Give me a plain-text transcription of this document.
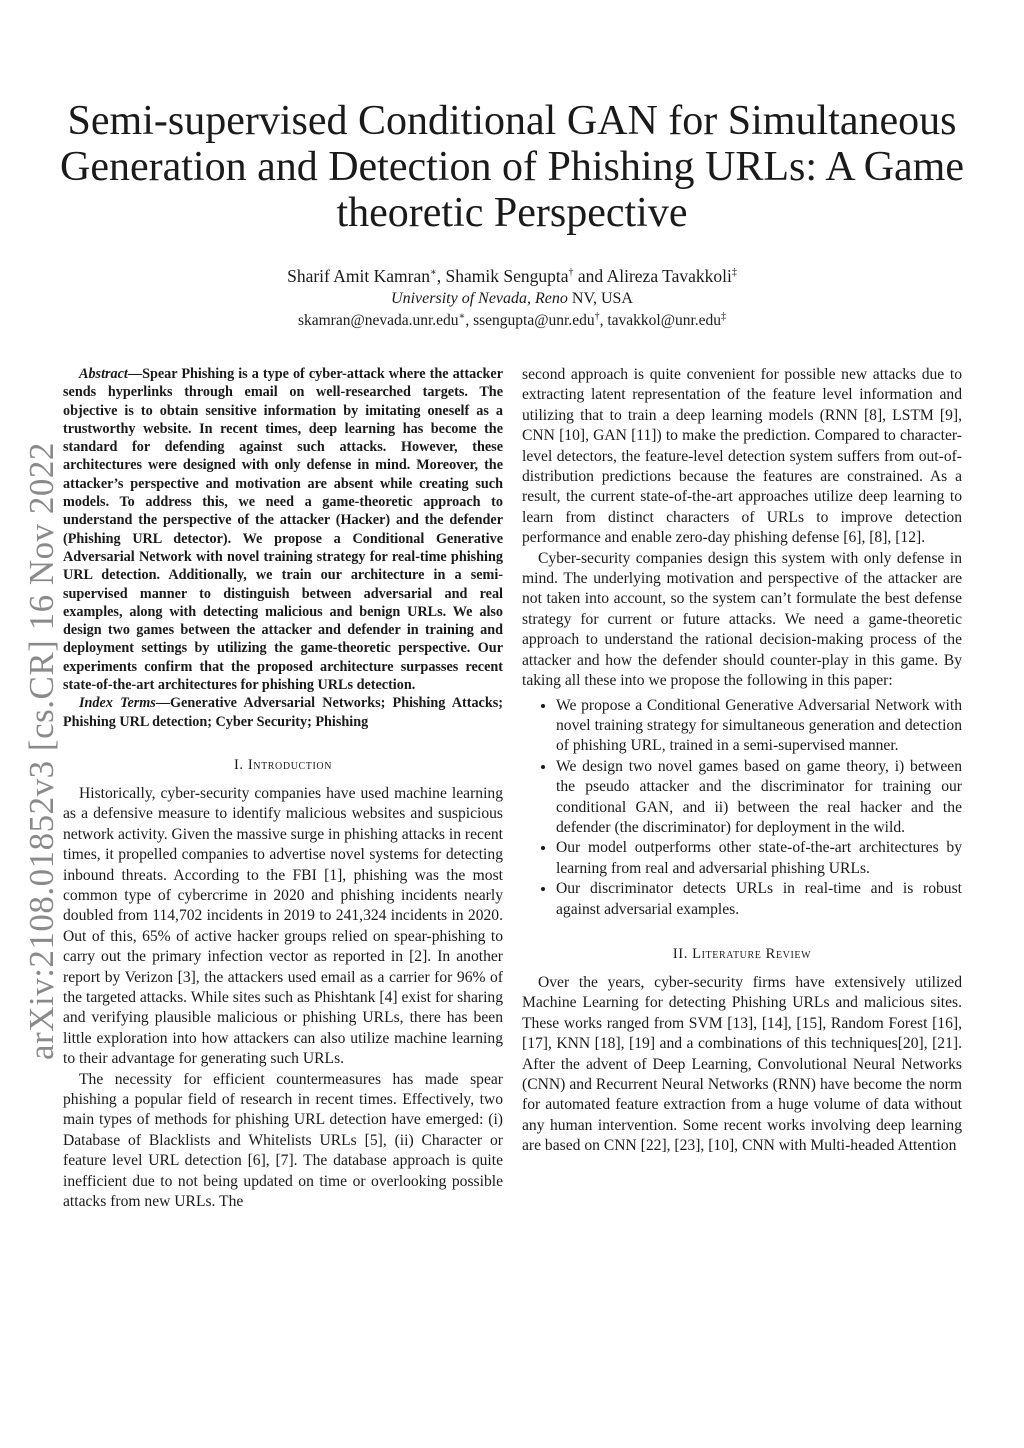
arXiv:2108.01852v3 [cs.CR] 16 Nov 2022
Semi-supervised Conditional GAN for Simultaneous Generation and Detection of Phishing URLs: A Game theoretic Perspective
Sharif Amit Kamran∗, Shamik Sengupta† and Alireza Tavakkoli‡
University of Nevada, Reno NV, USA
skamran@nevada.unr.edu∗, ssengupta@unr.edu†, tavakkol@unr.edu‡

Abstract—Spear Phishing is a type of cyber-attack where the attacker sends hyperlinks through email on well-researched targets. The objective is to obtain sensitive information by imitating oneself as a trustworthy website. In recent times, deep learning has become the standard for defending against such attacks. However, these architectures were designed with only defense in mind. Moreover, the attacker’s perspective and motivation are absent while creating such models. To address this, we need a game-theoretic approach to understand the perspective of the attacker (Hacker) and the defender (Phishing URL detector). We propose a Conditional Generative Adversarial Network with novel training strategy for real-time phishing URL detection. Additionally, we train our architecture in a semi-supervised manner to distinguish between adversarial and real examples, along with detecting malicious and benign URLs. We also design two games between the attacker and defender in training and deployment settings by utilizing the game-theoretic perspective. Our experiments confirm that the proposed architecture surpasses recent state-of-the-art architectures for phishing URLs detection.

Index Terms—Generative Adversarial Networks; Phishing Attacks; Phishing URL detection; Cyber Security; Phishing

I. Introduction

Historically, cyber-security companies have used machine learning as a defensive measure to identify malicious websites and suspicious network activity. Given the massive surge in phishing attacks in recent times, it propelled companies to advertise novel systems for detecting inbound threats. According to the FBI [1], phishing was the most common type of cybercrime in 2020 and phishing incidents nearly doubled from 114,702 incidents in 2019 to 241,324 incidents in 2020. Out of this, 65% of active hacker groups relied on spear-phishing to carry out the primary infection vector as reported in [2]. In another report by Verizon [3], the attackers used email as a carrier for 96% of the targeted attacks. While sites such as Phishtank [4] exist for sharing and verifying plausible malicious or phishing URLs, there has been little exploration into how attackers can also utilize machine learning to their advantage for generating such URLs.

The necessity for efficient countermeasures has made spear phishing a popular field of research in recent times. Effectively, two main types of methods for phishing URL detection have emerged: (i) Database of Blacklists and Whitelists URLs [5], (ii) Character or feature level URL detection [6], [7]. The database approach is quite inefficient due to not being updated on time or overlooking possible attacks from new URLs. The

second approach is quite convenient for possible new attacks due to extracting latent representation of the feature level information and utilizing that to train a deep learning models (RNN [8], LSTM [9], CNN [10], GAN [11]) to make the prediction. Compared to character-level detectors, the feature-level detection system suffers from out-of-distribution predictions because the features are constrained. As a result, the current state-of-the-art approaches utilize deep learning to learn from distinct characters of URLs to improve detection performance and enable zero-day phishing defense [6], [8], [12].

Cyber-security companies design this system with only defense in mind. The underlying motivation and perspective of the attacker are not taken into account, so the system can’t formulate the best defense strategy for current or future attacks. We need a game-theoretic approach to understand the rational decision-making process of the attacker and how the defender should counter-play in this game. By taking all these into we propose the following in this paper:

• We propose a Conditional Generative Adversarial Network with novel training strategy for simultaneous generation and detection of phishing URL, trained in a semi-supervised manner.
• We design two novel games based on game theory, i) between the pseudo attacker and the discriminator for training our conditional GAN, and ii) between the real hacker and the defender (the discriminator) for deployment in the wild.
• Our model outperforms other state-of-the-art architectures by learning from real and adversarial phishing URLs.
• Our discriminator detects URLs in real-time and is robust against adversarial examples.
II. Literature Review

Over the years, cyber-security firms have extensively utilized Machine Learning for detecting Phishing URLs and malicious sites. These works ranged from SVM [13], [14], [15], Random Forest [16], [17], KNN [18], [19] and a combinations of this techniques[20], [21]. After the advent of Deep Learning, Convolutional Neural Networks (CNN) and Recurrent Neural Networks (RNN) have become the norm for automated feature extraction from a huge volume of data without any human intervention. Some recent works involving deep learning are based on CNN [22], [23], [10], CNN with Multi-headed Attention
